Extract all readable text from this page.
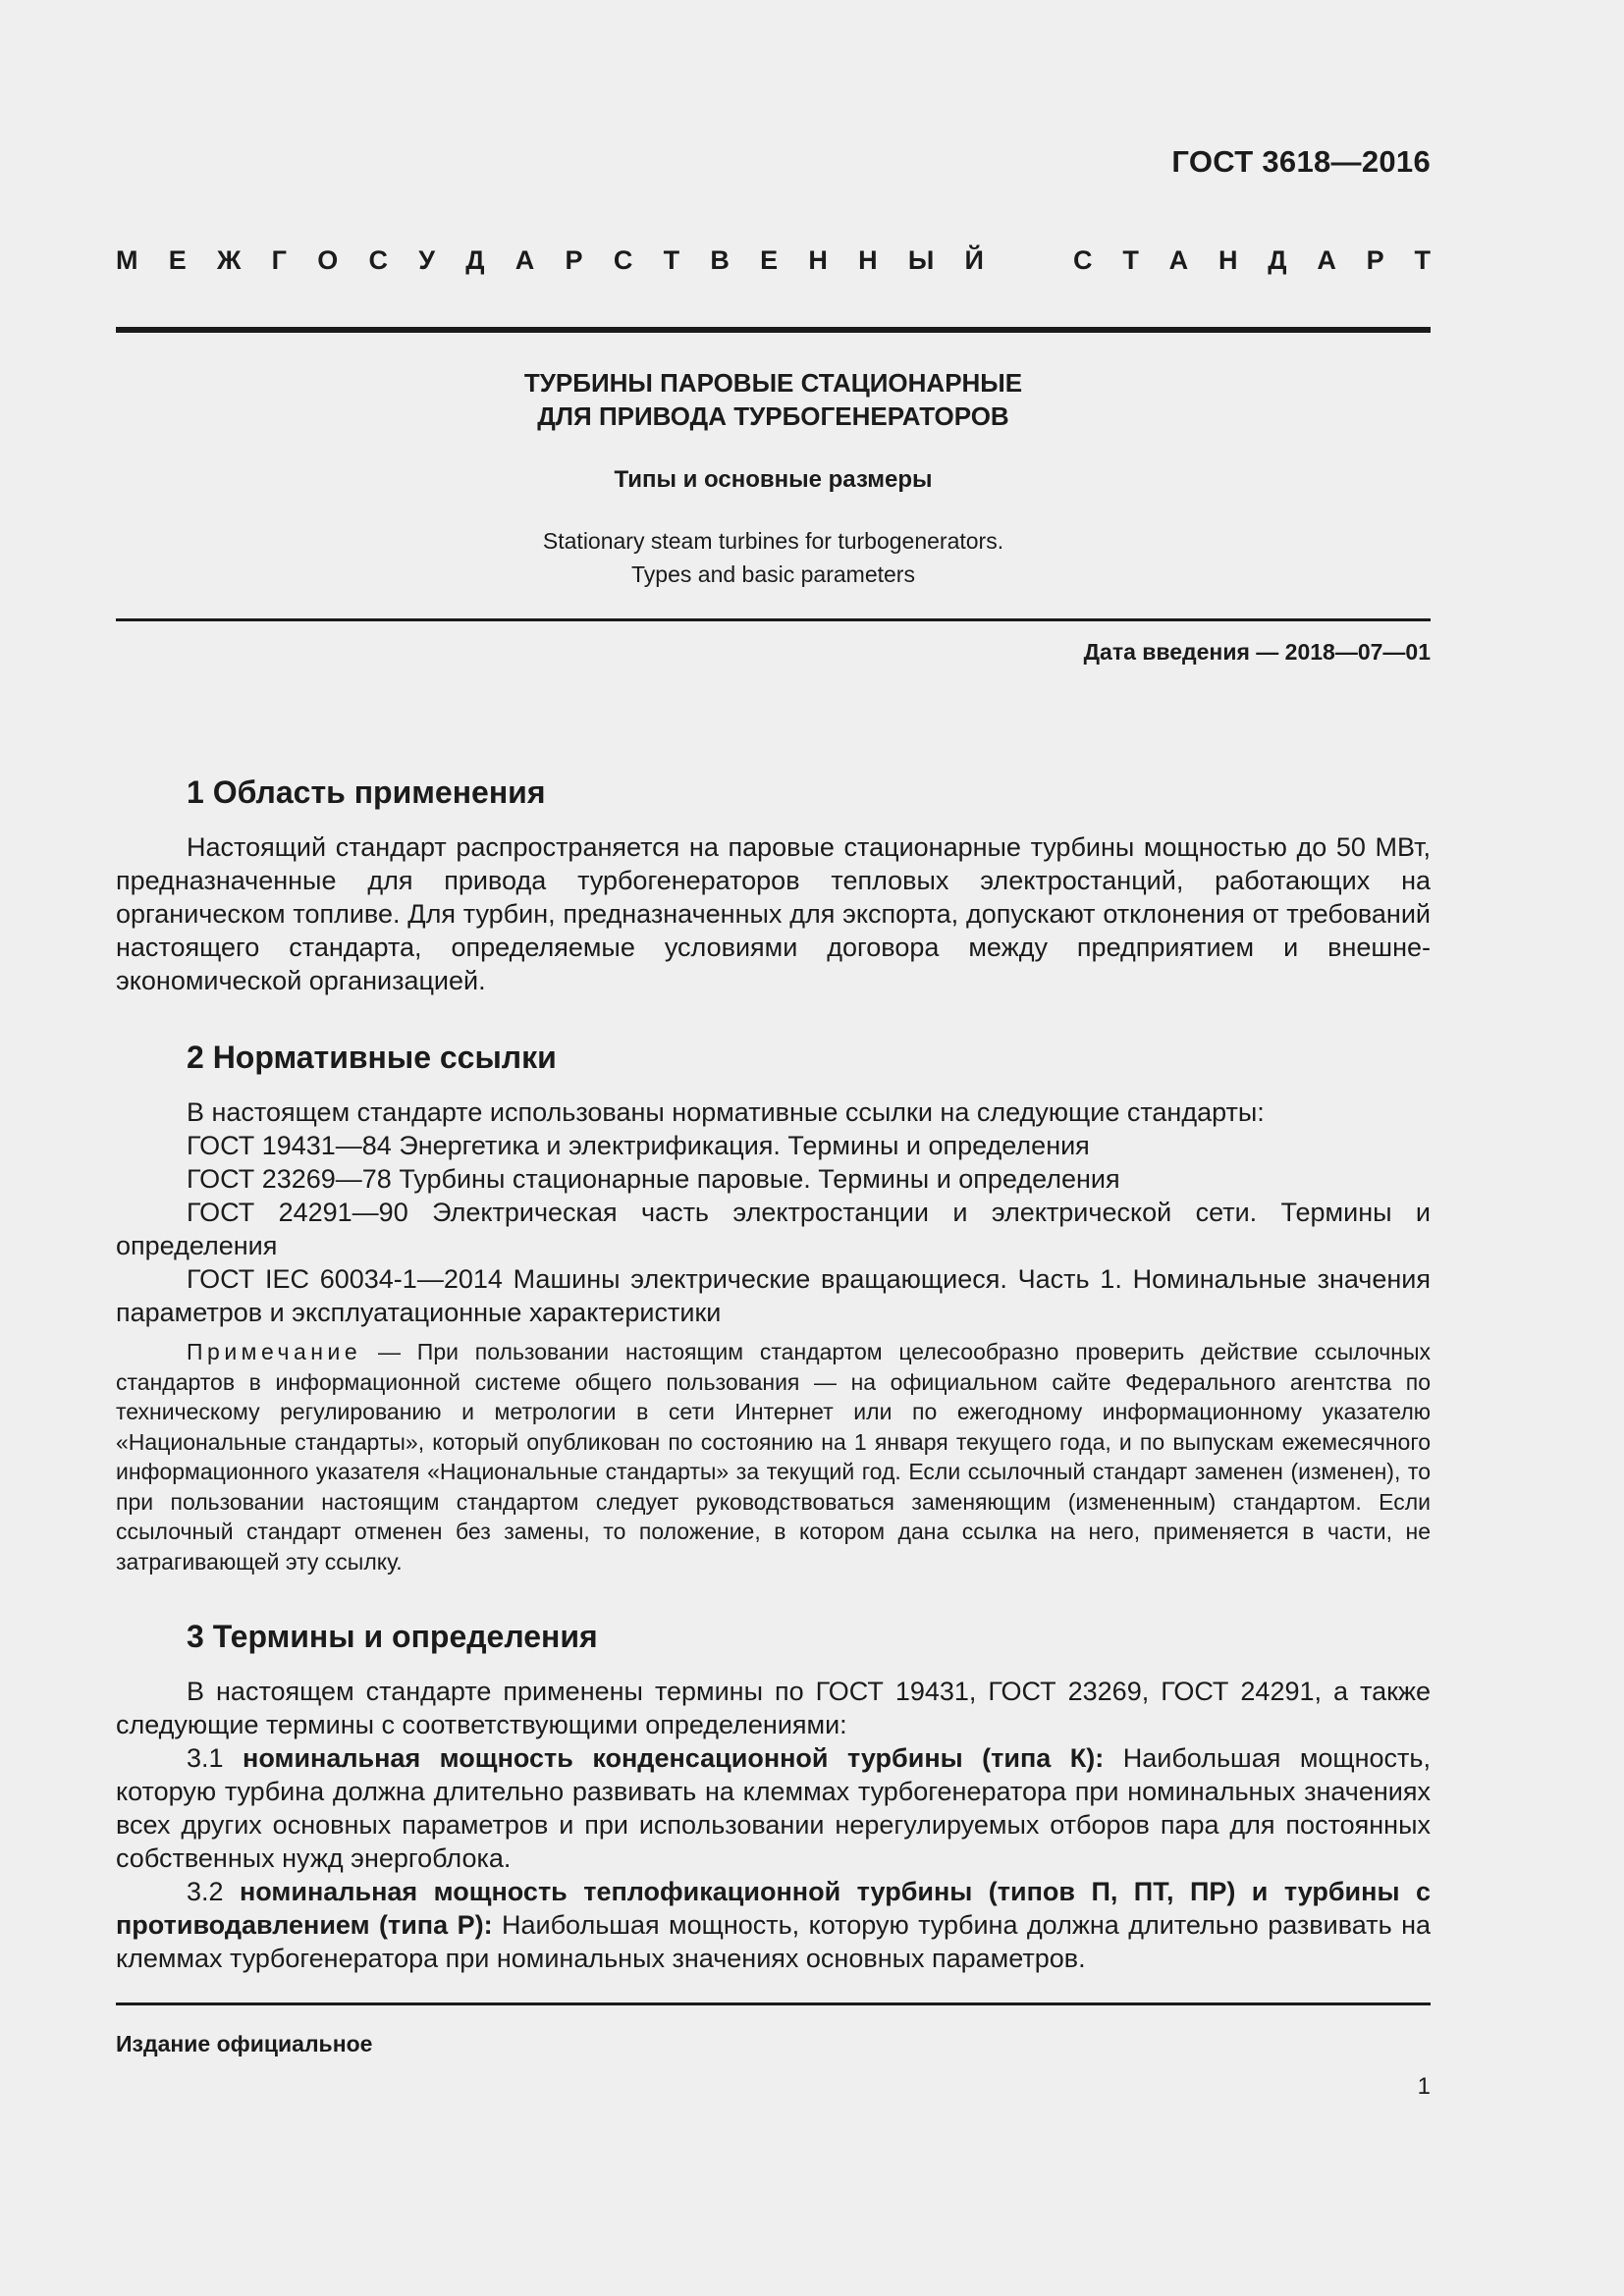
ГОСТ 3618—2016
М Е Ж Г О С У Д А Р С Т В Е Н Н Ы Й	С Т А Н Д А Р Т
ТУРБИНЫ ПАРОВЫЕ СТАЦИОНАРНЫЕ
ДЛЯ ПРИВОДА ТУРБОГЕНЕРАТОРОВ
Типы и основные размеры
Stationary steam turbines for turbogenerators.
Types and basic parameters
Дата введения — 2018—07—01
1 Область применения

Настоящий стандарт распространяется на паровые стационарные турбины мощностью до 50 МВт, предназначенные для привода турбогенераторов тепловых электростанций, работающих на органическом топливе. Для турбин, предназначенных для экспорта, допускают отклонения от требований настоящего стандарта, определяемые условиями договора между предприятием и внешне-экономической организацией.

2 Нормативные ссылки

В настоящем стандарте использованы нормативные ссылки на следующие стандарты:

ГОСТ 19431—84 Энергетика и электрификация. Термины и определения

ГОСТ 23269—78 Турбины стационарные паровые. Термины и определения

ГОСТ 24291—90 Электрическая часть электростанции и электрической сети. Термины и определения

ГОСТ IEC 60034-1—2014 Машины электрические вращающиеся. Часть 1. Номинальные значения параметров и эксплуатационные характеристики

Примечание — При пользовании настоящим стандартом целесообразно проверить действие ссылочных стандартов в информационной системе общего пользования — на официальном сайте Федерального агентства по техническому регулированию и метрологии в сети Интернет или по ежегодному информационному указателю «Национальные стандарты», который опубликован по состоянию на 1 января текущего года, и по выпускам ежемесячного информационного указателя «Национальные стандарты» за текущий год. Если ссылочный стандарт заменен (изменен), то при пользовании настоящим стандартом следует руководствоваться заменяющим (измененным) стандартом. Если ссылочный стандарт отменен без замены, то положение, в котором дана ссылка на него, применяется в части, не затрагивающей эту ссылку.

3 Термины и определения

В настоящем стандарте применены термины по ГОСТ 19431, ГОСТ 23269, ГОСТ 24291, а также следующие термины с соответствующими определениями:

3.1 номинальная мощность конденсационной турбины (типа К): Наибольшая мощность, которую турбина должна длительно развивать на клеммах турбогенератора при номинальных значениях всех других основных параметров и при использовании нерегулируемых отборов пара для постоянных собственных нужд энергоблока.

3.2 номинальная мощность теплофикационной турбины (типов П, ПТ, ПР) и турбины с противодавлением (типа Р): Наибольшая мощность, которую турбина должна длительно развивать на клеммах турбогенератора при номинальных значениях основных параметров.

Издание официальное
1
